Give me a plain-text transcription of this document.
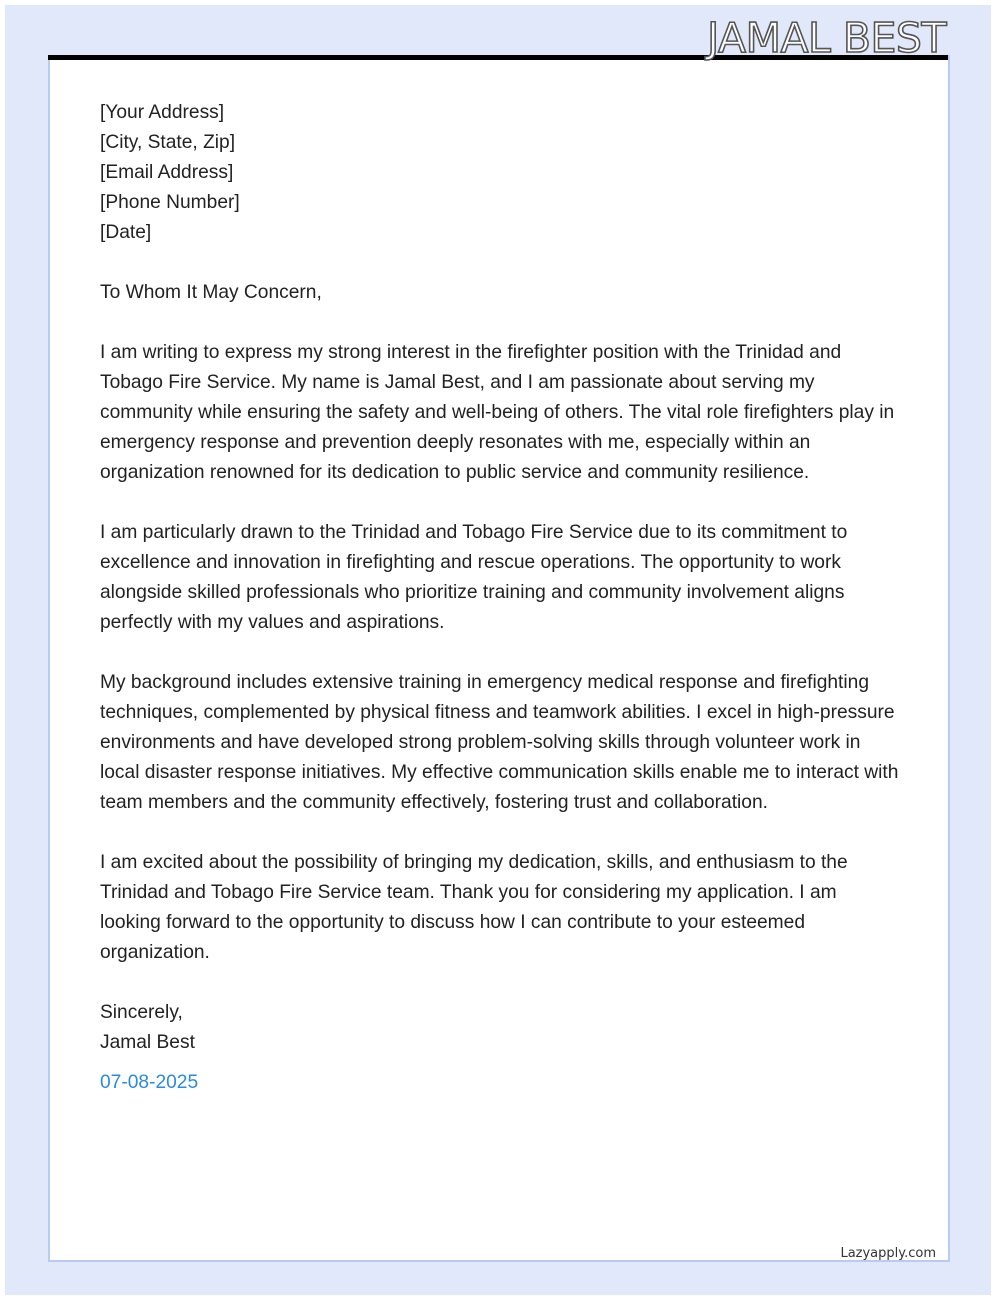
JAMAL BEST

[Your Address]
[City, State, Zip]
[Email Address]
[Phone Number]
[Date]

To Whom It May Concern,

I am writing to express my strong interest in the firefighter position with the Trinidad and Tobago Fire Service. My name is Jamal Best, and I am passionate about serving my community while ensuring the safety and well-being of others. The vital role firefighters play in emergency response and prevention deeply resonates with me, especially within an organization renowned for its dedication to public service and community resilience.

I am particularly drawn to the Trinidad and Tobago Fire Service due to its commitment to excellence and innovation in firefighting and rescue operations. The opportunity to work alongside skilled professionals who prioritize training and community involvement aligns perfectly with my values and aspirations.

My background includes extensive training in emergency medical response and firefighting techniques, complemented by physical fitness and teamwork abilities. I excel in high-pressure environments and have developed strong problem-solving skills through volunteer work in local disaster response initiatives. My effective communication skills enable me to interact with team members and the community effectively, fostering trust and collaboration.

I am excited about the possibility of bringing my dedication, skills, and enthusiasm to the Trinidad and Tobago Fire Service team. Thank you for considering my application. I am looking forward to the opportunity to discuss how I can contribute to your esteemed organization.

Sincerely,
Jamal Best

07-08-2025
Lazyapply.com
